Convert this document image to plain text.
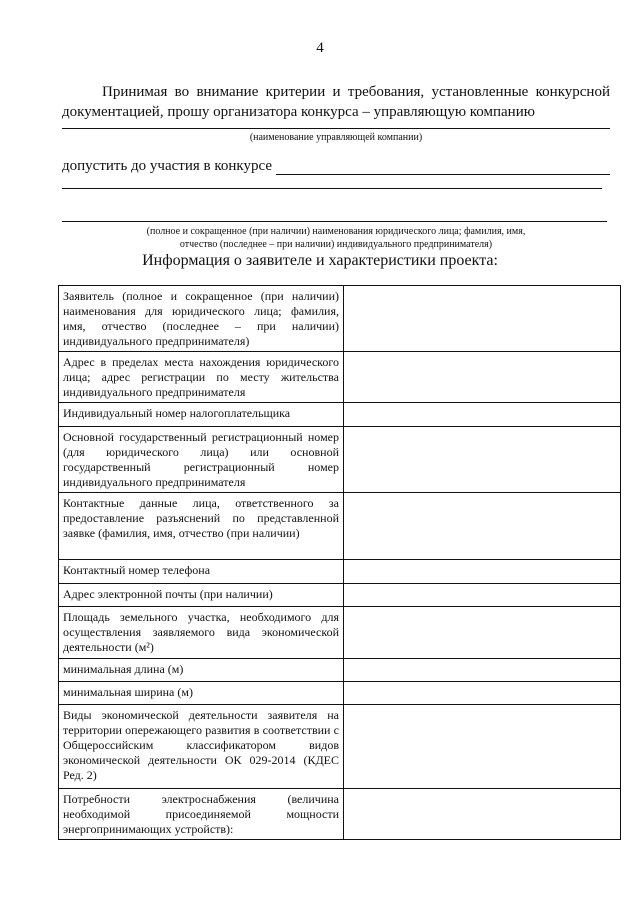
4
Принимая во внимание критерии и требования, установленные конкурсной документацией, прошу организатора конкурса – управляющую компанию
(наименование управляющей компании)
допустить до участия в конкурсе
(полное и сокращенное (при наличии) наименования юридического лица; фамилия, имя,
отчество (последнее – при наличии) индивидуального предпринимателя)
Информация о заявителе и характеристики проекта:
Заявитель (полное и сокращенное (при наличии) наименования для юридического лица; фамилия, имя, отчество (последнее – при наличии) индивидуального предпринимателя)	

Адрес в пределах места нахождения юридического лица; адрес регистрации по месту жительства индивидуального предпринимателя	

Индивидуальный номер налогоплательщика	

Основной государственный регистрационный номер (для юридического лица) или основной государственный регистрационный номер индивидуального предпринимателя	

Контактные данные лица, ответственного за предоставление разъяснений по представленной заявке (фамилия, имя, отчество (при наличии)	

Контактный номер телефона	

Адрес электронной почты (при наличии)	

Площадь земельного участка, необходимого для осуществления заявляемого вида экономической деятельности (м²)	

минимальная длина (м)	

минимальная ширина (м)	

Виды экономической деятельности заявителя на территории опережающего развития в соответствии с Общероссийским классификатором видов экономической деятельности ОК 029-2014 (КДЕС Ред. 2)	

Потребности электроснабжения (величина необходимой присоединяемой мощности энергопринимающих устройств):	
